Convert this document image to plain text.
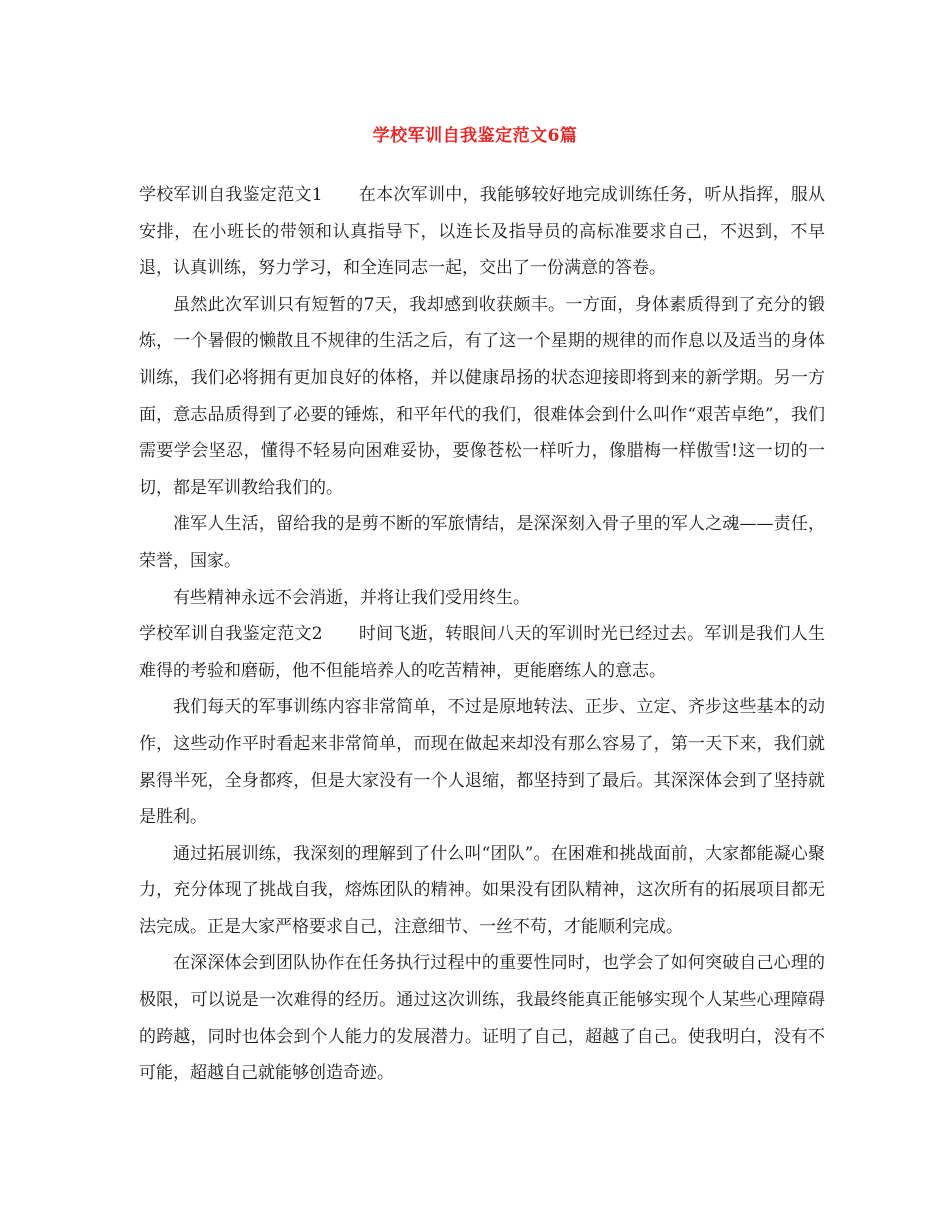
学校军训自我鉴定范文6篇

学校军训自我鉴定范文1 在本次军训中，我能够较好地完成训练任务，听从指挥，服从安排，在小班长的带领和认真指导下，以连长及指导员的高标准要求自己，不迟到，不早退，认真训练，努力学习，和全连同志一起，交出了一份满意的答卷。

虽然此次军训只有短暂的7天，我却感到收获颇丰。一方面，身体素质得到了充分的锻炼，一个暑假的懒散且不规律的生活之后，有了这一个星期的规律的而作息以及适当的身体训练，我们必将拥有更加良好的体格，并以健康昂扬的状态迎接即将到来的新学期。另一方面，意志品质得到了必要的锤炼，和平年代的我们，很难体会到什么叫作“艰苦卓绝”，我们需要学会坚忍，懂得不轻易向困难妥协，要像苍松一样听力，像腊梅一样傲雪!这一切的一切，都是军训教给我们的。

准军人生活，留给我的是剪不断的军旅情结，是深深刻入骨子里的军人之魂——责任，荣誉，国家。

有些精神永远不会消逝，并将让我们受用终生。

学校军训自我鉴定范文2 时间飞逝，转眼间八天的军训时光已经过去。军训是我们人生难得的考验和磨砺，他不但能培养人的吃苦精神，更能磨练人的意志。

我们每天的军事训练内容非常简单，不过是原地转法、正步、立定、齐步这些基本的动作，这些动作平时看起来非常简单，而现在做起来却没有那么容易了，第一天下来，我们就累得半死，全身都疼，但是大家没有一个人退缩，都坚持到了最后。其深深体会到了坚持就是胜利。

通过拓展训练，我深刻的理解到了什么叫“团队”。在困难和挑战面前，大家都能凝心聚力，充分体现了挑战自我，熔炼团队的精神。如果没有团队精神，这次所有的拓展项目都无法完成。正是大家严格要求自己，注意细节、一丝不苟，才能顺利完成。

在深深体会到团队协作在任务执行过程中的重要性同时，也学会了如何突破自己心理的极限，可以说是一次难得的经历。通过这次训练，我最终能真正能够实现个人某些心理障碍的跨越，同时也体会到个人能力的发展潜力。证明了自己，超越了自己。使我明白，没有不可能，超越自己就能够创造奇迹。
